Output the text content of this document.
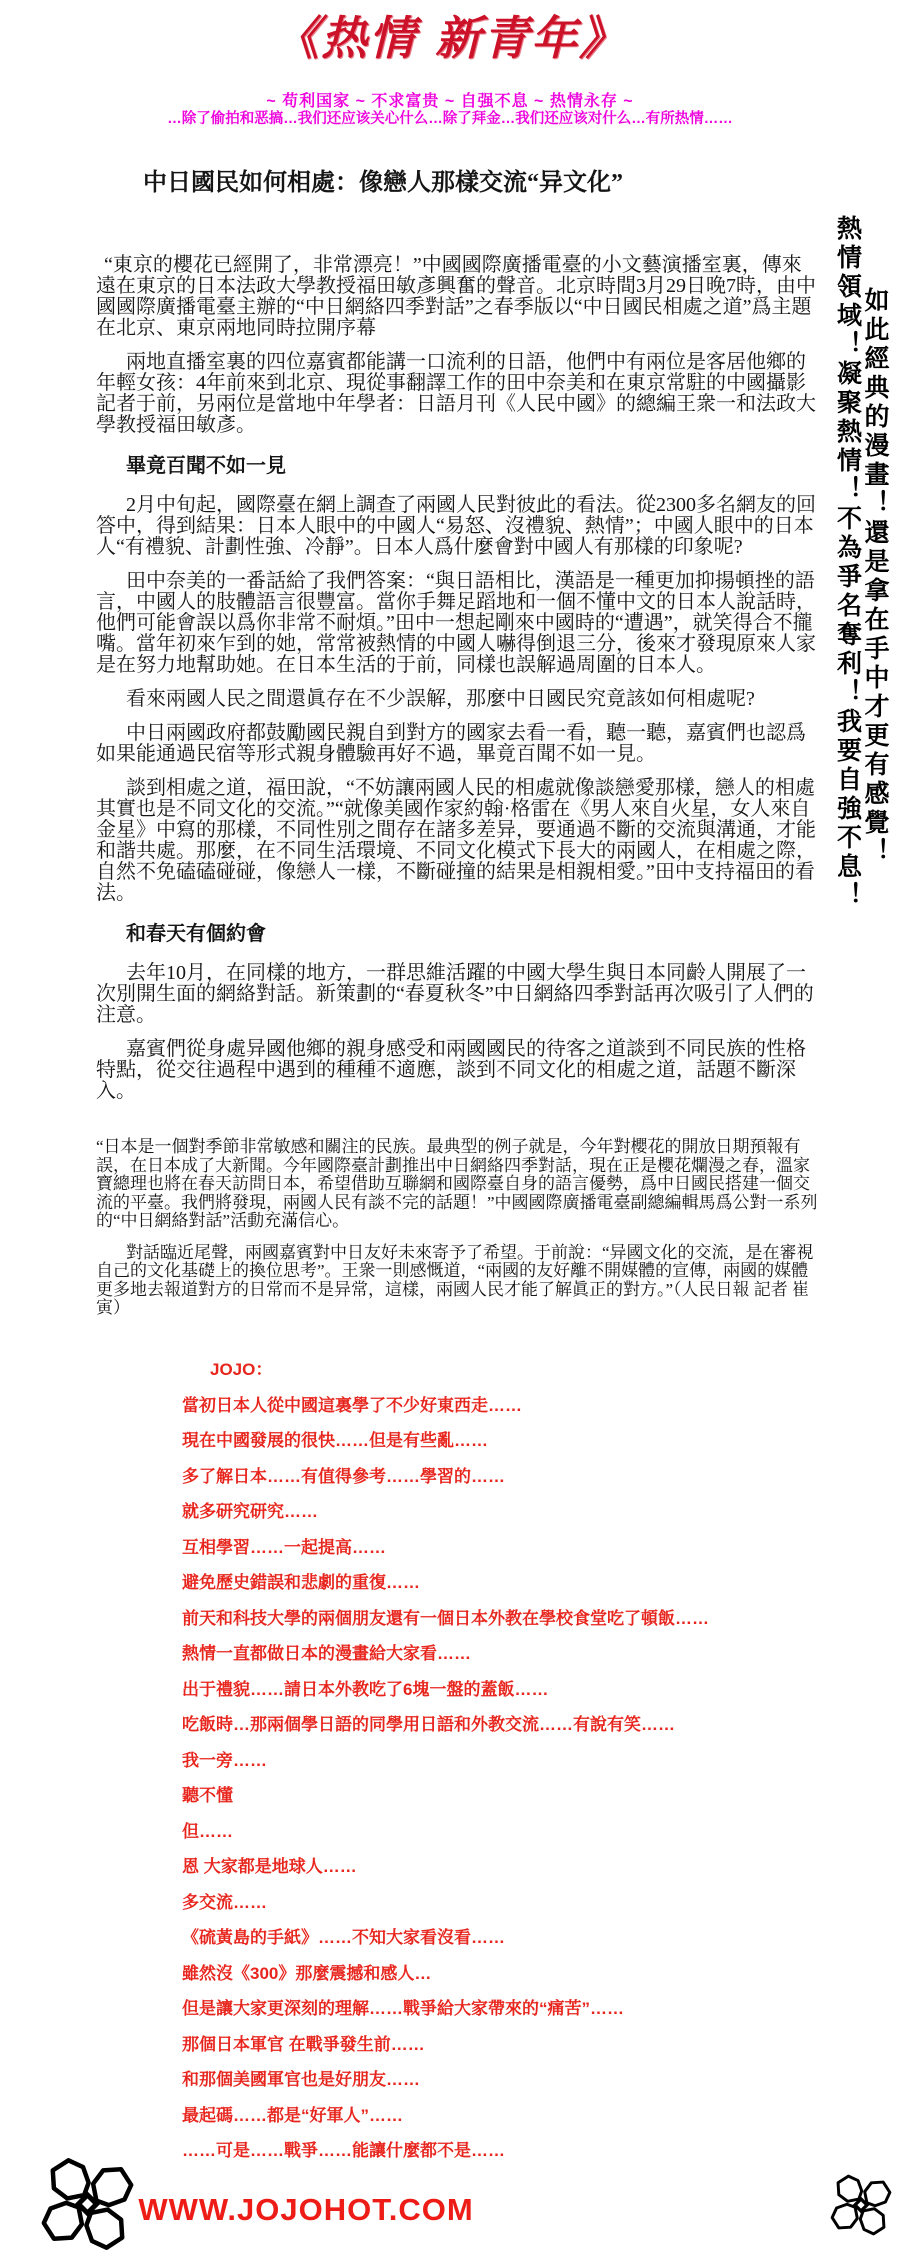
《热情 新青年》
~ 苟利国家 ~ 不求富贵 ~ 自强不息 ~ 热情永存 ~
…除了偷拍和恶搞…我们还应该关心什么…除了拜金…我们还应该对什么…有所热情……
如此經典的漫畫！還是拿在手中才更有感覺！
熱情領域！凝聚熱情！不為爭名奪利！我要自強不息！
中日國民如何相處：像戀人那樣交流“异文化”

“東京的櫻花已經開了，非常漂亮！”中國國際廣播電臺的小文藝演播室裏，傳來遠在東京的日本法政大學教授福田敏彥興奮的聲音。北京時間3月29日晚7時，由中國國際廣播電臺主辦的“中日網絡四季對話”之春季版以“中日國民相處之道”爲主題在北京、東京兩地同時拉開序幕

兩地直播室裏的四位嘉賓都能講一口流利的日語，他們中有兩位是客居他鄉的年輕女孩：4年前來到北京、現從事翻譯工作的田中奈美和在東京常駐的中國攝影記者于前，另兩位是當地中年學者：日語月刊《人民中國》的總編王衆一和法政大學教授福田敏彥。

畢竟百聞不如一見

2月中旬起，國際臺在網上調查了兩國人民對彼此的看法。從2300多名網友的回答中，得到結果：日本人眼中的中國人“易怒、沒禮貌、熱情”；中國人眼中的日本人“有禮貌、計劃性強、冷靜”。日本人爲什麼會對中國人有那樣的印象呢?

田中奈美的一番話給了我們答案：“與日語相比，漢語是一種更加抑揚頓挫的語言，中國人的肢體語言很豐富。當你手舞足蹈地和一個不懂中文的日本人說話時，他們可能會誤以爲你非常不耐煩。”田中一想起剛來中國時的“遭遇”，就笑得合不攏嘴。當年初來乍到的她，常常被熱情的中國人嚇得倒退三分，後來才發現原來人家是在努力地幫助她。在日本生活的于前，同樣也誤解過周圍的日本人。

看來兩國人民之間還眞存在不少誤解，那麼中日國民究竟該如何相處呢?

中日兩國政府都鼓勵國民親自到對方的國家去看一看，聽一聽，嘉賓們也認爲如果能通過民宿等形式親身體驗再好不過，畢竟百聞不如一見。

談到相處之道，福田說，“不妨讓兩國人民的相處就像談戀愛那樣，戀人的相處其實也是不同文化的交流。”“就像美國作家約翰·格雷在《男人來自火星，女人來自金星》中寫的那樣，不同性別之間存在諸多差异，要通過不斷的交流與溝通，才能和諧共處。那麼，在不同生活環境、不同文化模式下長大的兩國人，在相處之際，自然不免磕磕碰碰，像戀人一樣，不斷碰撞的結果是相親相愛。”田中支持福田的看法。

和春天有個約會

去年10月，在同樣的地方，一群思維活躍的中國大學生與日本同齡人開展了一次別開生面的網絡對話。新策劃的“春夏秋冬”中日網絡四季對話再次吸引了人們的注意。

嘉賓們從身處异國他鄉的親身感受和兩國國民的待客之道談到不同民族的性格特點，從交往過程中遇到的種種不適應，談到不同文化的相處之道，話題不斷深入。

“日本是一個對季節非常敏感和關注的民族。最典型的例子就是，今年對櫻花的開放日期預報有誤，在日本成了大新聞。今年國際臺計劃推出中日網絡四季對話，現在正是櫻花爛漫之春，溫家寶總理也將在春天訪問日本，希望借助互聯網和國際臺自身的語言優勢，爲中日國民搭建一個交流的平臺。我們將發現，兩國人民有談不完的話題！”中國國際廣播電臺副總編輯馬爲公對一系列的“中日網絡對話”活動充滿信心。

對話臨近尾聲，兩國嘉賓對中日友好未來寄予了希望。于前說：“异國文化的交流，是在審視自己的文化基礎上的換位思考”。王衆一則感慨道，“兩國的友好離不開媒體的宣傳，兩國的媒體更多地去報道對方的日常而不是异常，這樣，兩國人民才能了解眞正的對方。”（人民日報 記者 崔寅）

JOJO：
當初日本人從中國這裏學了不少好東西走……
現在中國發展的很快……但是有些亂……
多了解日本……有值得參考……學習的……
就多研究研究……
互相學習……一起提高……
避免歷史錯誤和悲劇的重復……
前天和科技大學的兩個朋友還有一個日本外教在學校食堂吃了頓飯……
熱情一直都做日本的漫畫給大家看……
出于禮貌……請日本外教吃了6塊一盤的蓋飯……
吃飯時…那兩個學日語的同學用日語和外教交流……有說有笑……
我一旁……
聽不懂
但……
恩 大家都是地球人……
多交流……
《硫黃島的手紙》……不知大家看沒看……
雖然沒《300》那麼震撼和感人…
但是讓大家更深刻的理解……戰爭給大家帶來的“痛苦”……
那個日本軍官 在戰爭發生前……
和那個美國軍官也是好朋友……
最起碼……都是“好軍人”……
……可是……戰爭……能讓什麼都不是……
WWW.JOJOHOT.COM
